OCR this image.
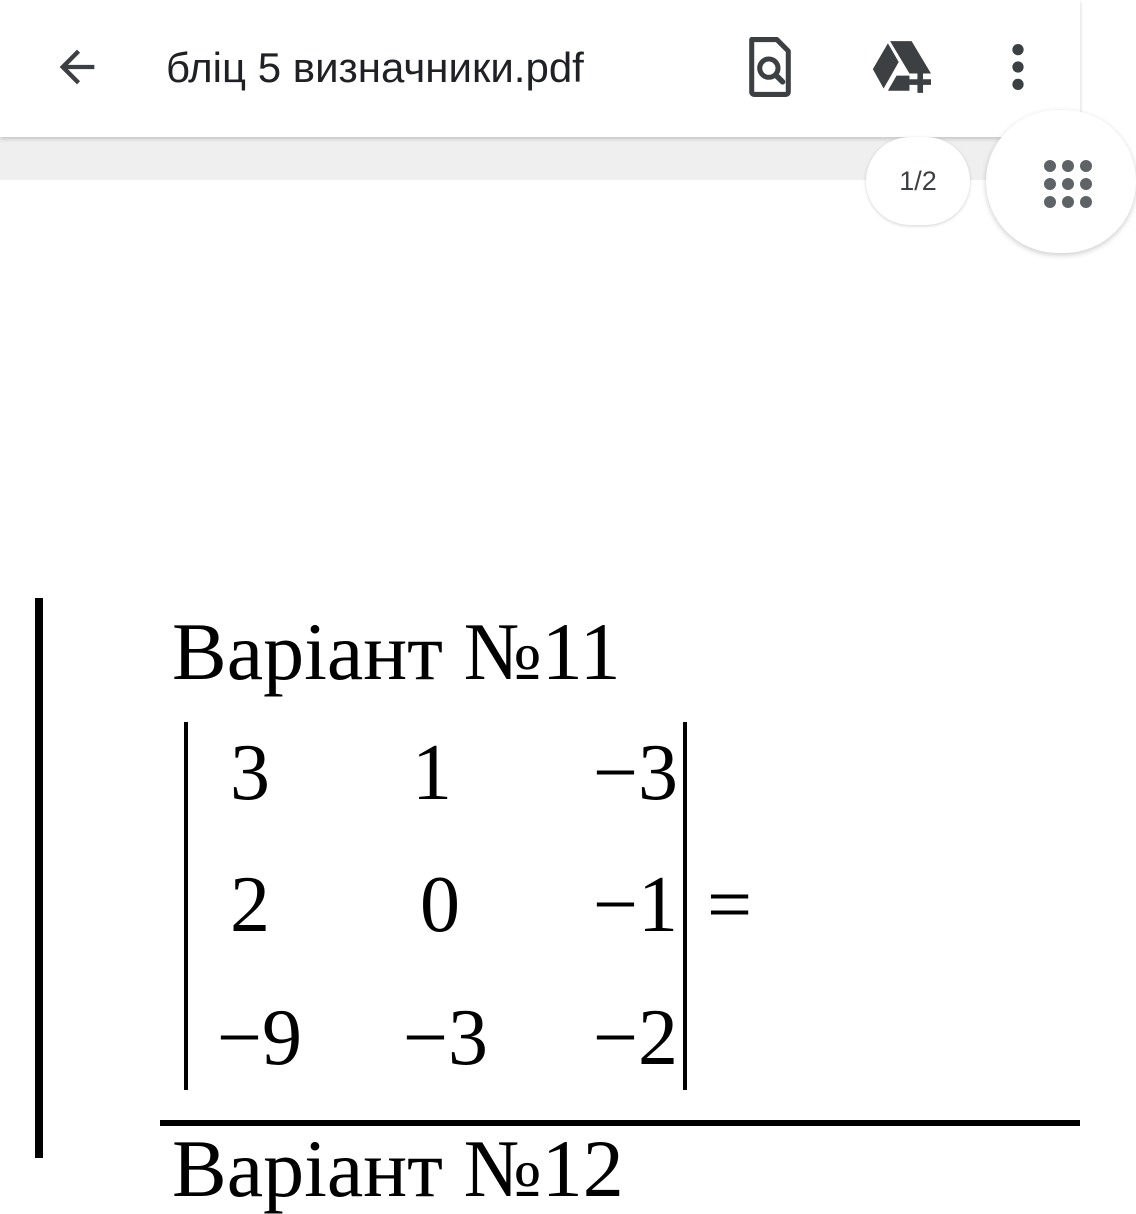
бліц 5 визначники.pdf
1/2
Варіант №11
3	1	−3
2	0	−1
−9	−3	−2
=
Варіант №12
